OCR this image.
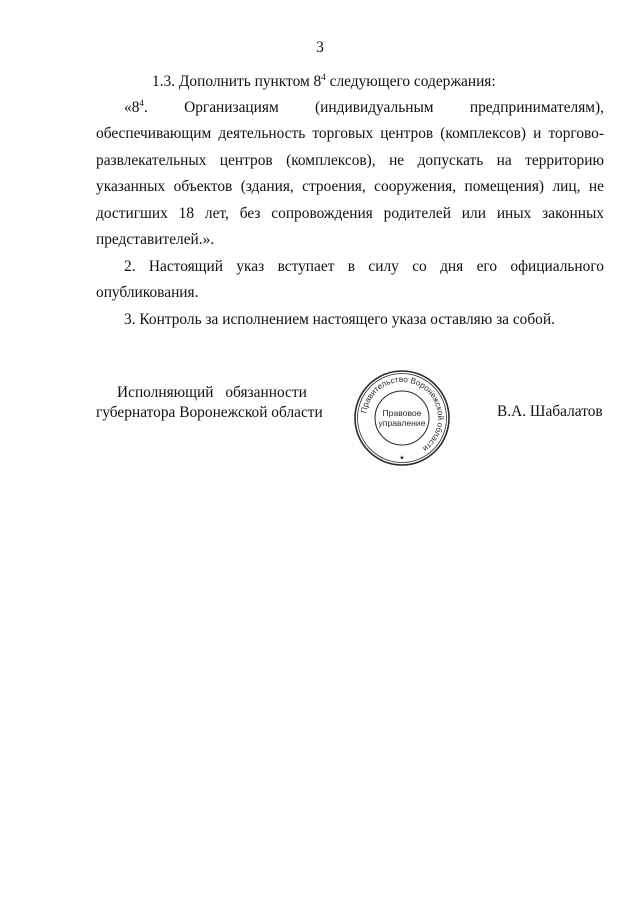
3
1.3. Дополнить пунктом $8^4$ следующего содержания:
«$8^4$. Организациям (индивидуальным предпринимателям),
обеспечивающим деятельность торговых центров (комплексов) и торгово-
развлекательных центров (комплексов), не допускать на территорию
указанных объектов (здания, строения, сооружения, помещения) лиц, не
достигших 18 лет, без сопровождения родителей или иных законных
представителей.».
2. Настоящий указ вступает в силу со дня его официального
опубликования.
3. Контроль за исполнением настоящего указа оставляю за собой.
Исполняющий обязанности
губернатора Воронежской области	В.А. Шабалатов
Правительство Воронежской области
Правовое
управление
★
